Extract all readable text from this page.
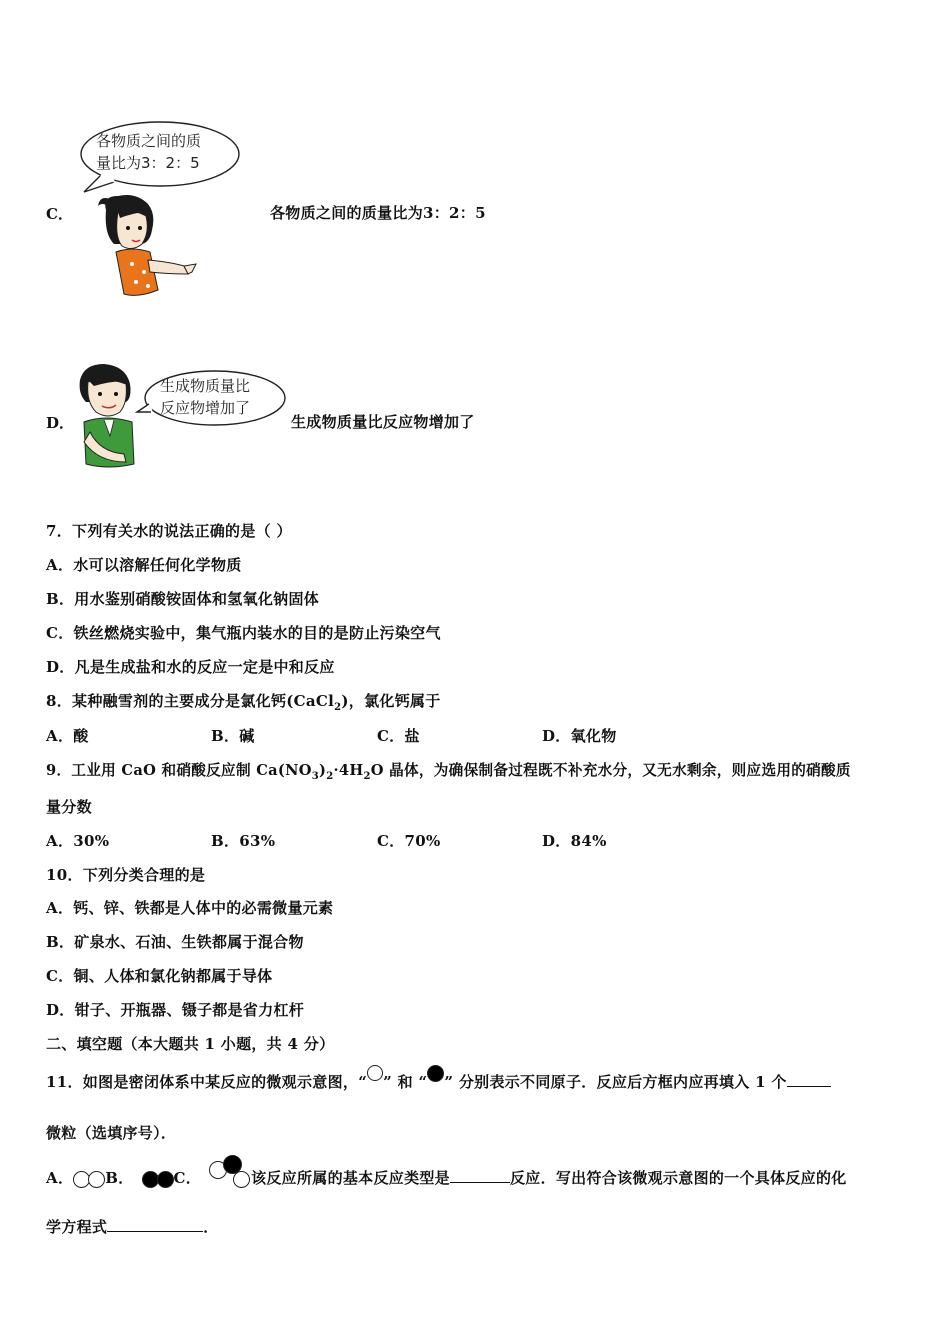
C．
各物质之间的质
量比为3：2：5
各物质之间的质量比为3：2：5
D．
生成物质量比
反应物增加了
生成物质量比反应物增加了
7．下列有关水的说法正确的是（ ）
A．水可以溶解任何化学物质
B．用水鉴别硝酸铵固体和氢氧化钠固体
C．铁丝燃烧实验中，集气瓶内装水的目的是防止污染空气
D．凡是生成盐和水的反应一定是中和反应
8．某种融雪剂的主要成分是氯化钙(CaCl$_2$)，氯化钙属于
A．酸	B．碱	C．盐	D．氧化物
9．工业用 CaO 和硝酸反应制 $Ca(NO_3)_2\cdot 4H_2O$ 晶体，为确保制备过程既不补充水分，又无水剩余，则应选用的硝酸质
量分数
A．30%	B．63%	C．70%	D．84%
10．下列分类合理的是
A．钙、锌、铁都是人体中的必需微量元素
B．矿泉水、石油、生铁都属于混合物
C．铜、人体和氯化钠都属于导体
D．钳子、开瓶器、镊子都是省力杠杆
二、填空题（本大题共 1 小题，共 4 分）
11．如图是密闭体系中某反应的微观示意图，“ ” 和 “ ” 分别表示不同原子．反应后方框内应再填入 1 个
微粒（选填序号）．
A． B．	C．	该反应所属的基本反应类型是	反应．写出符合该微观示意图的一个具体反应的化
学方程式	．
